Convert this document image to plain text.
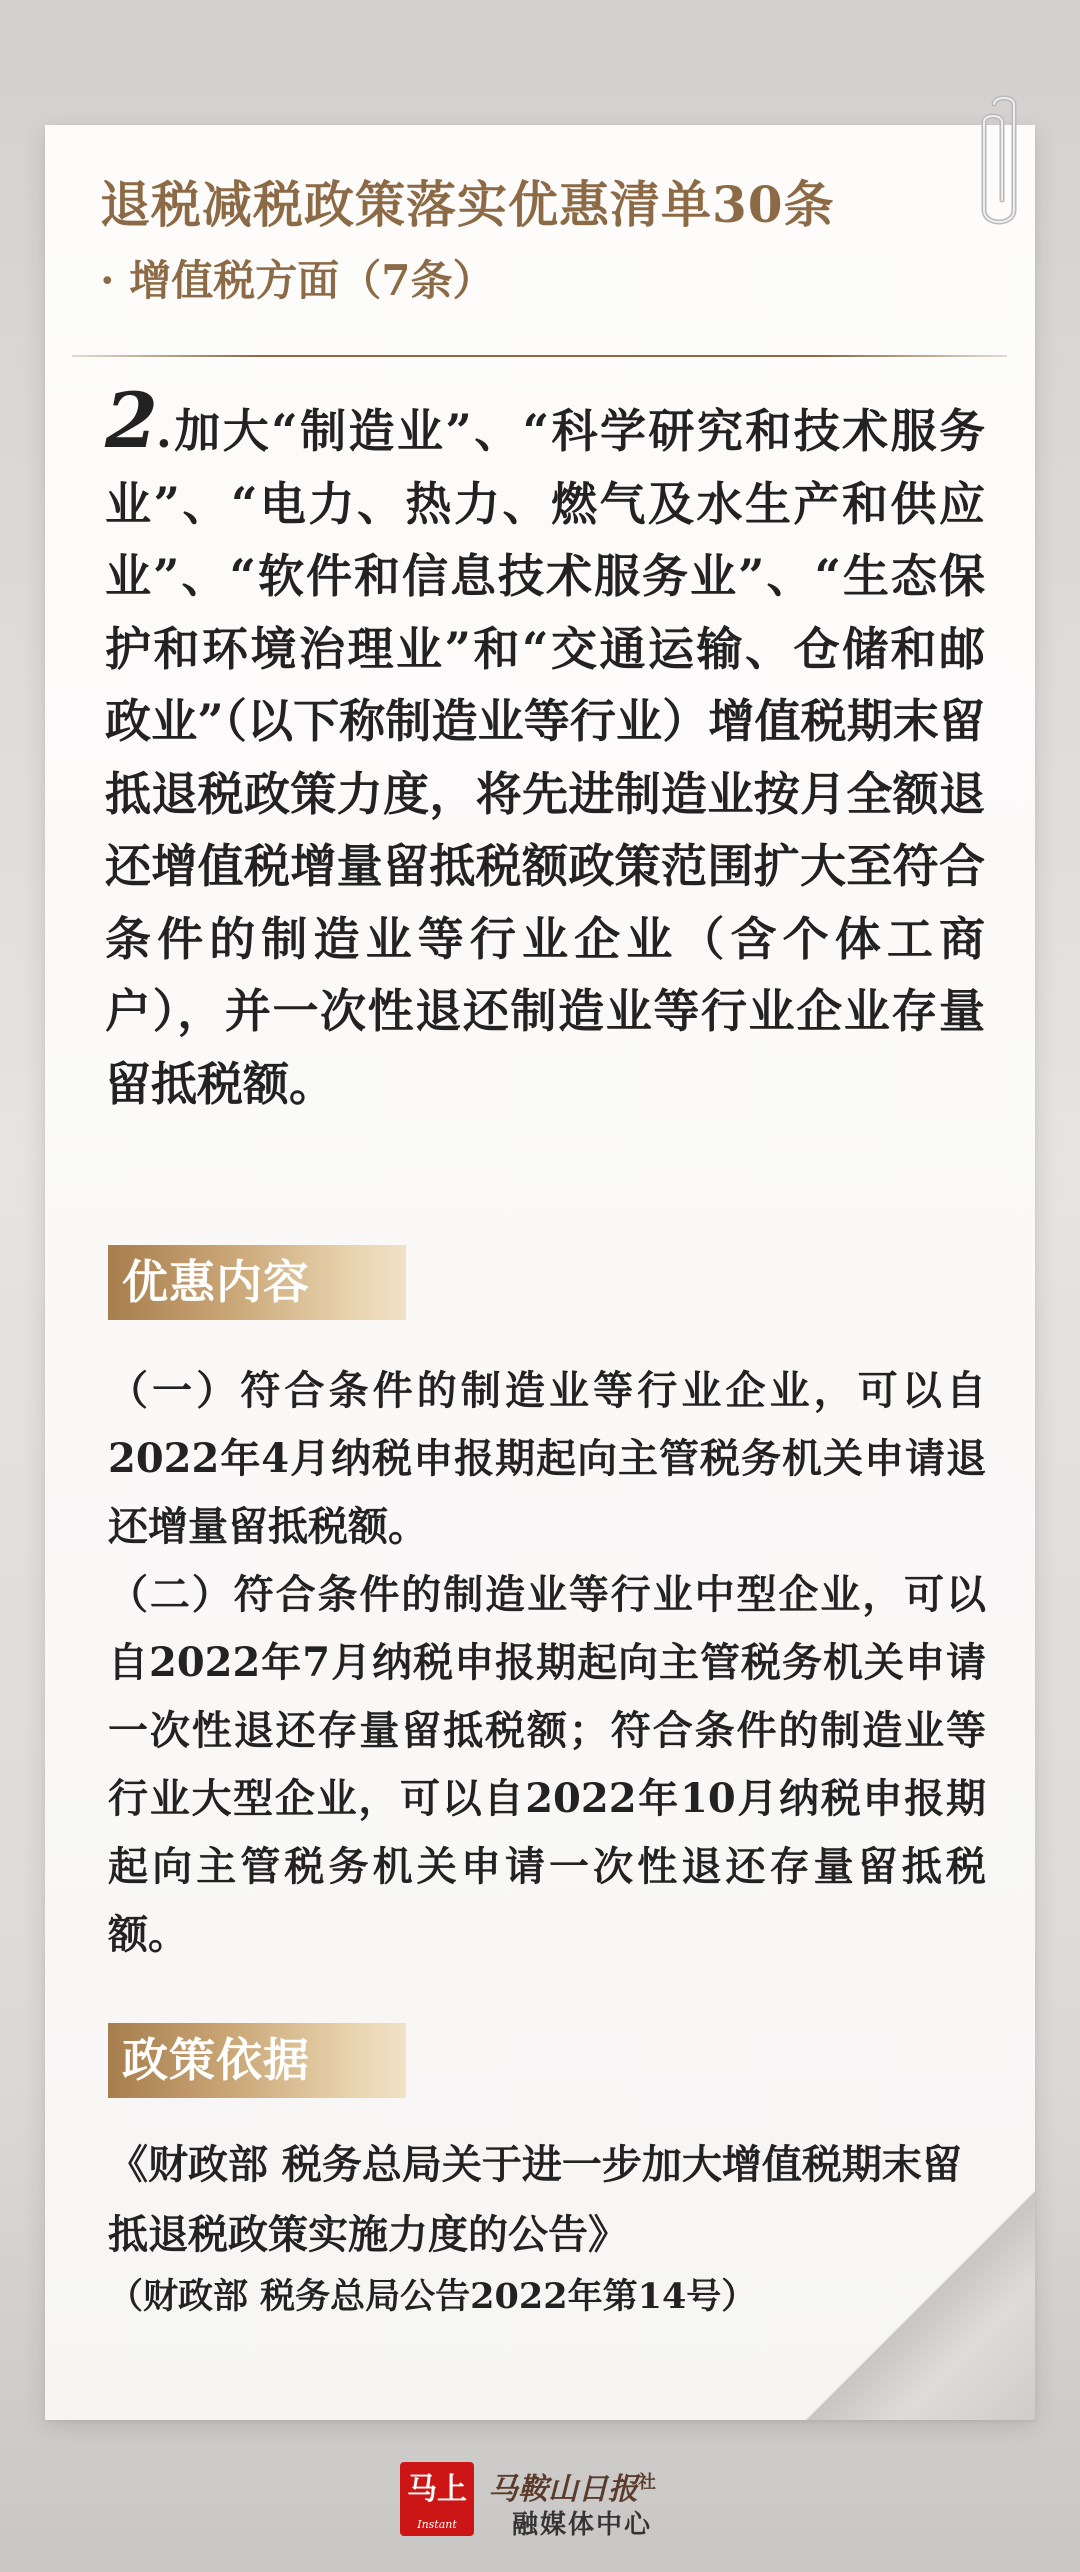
退税减税政策落实优惠清单30条
· 增值税方面（7条）
2.加大“制造业”、“科学研究和技术服务业”、“电力、热力、燃气及水生产和供应业”、“软件和信息技术服务业”、“生态保护和环境治理业”和“交通运输、仓储和邮政业”（以下称制造业等行业）增值税期末留抵退税政策力度，将先进制造业按月全额退还增值税增量留抵税额政策范围扩大至符合条件的制造业等行业企业（含个体工商户），并一次性退还制造业等行业企业存量留抵税额。
优惠内容

（一）符合条件的制造业等行业企业，可以自2022年4月纳税申报期起向主管税务机关申请退还增量留抵税额。

（二）符合条件的制造业等行业中型企业，可以自2022年7月纳税申报期起向主管税务机关申请一次性退还存量留抵税额；符合条件的制造业等行业大型企业，可以自2022年10月纳税申报期起向主管税务机关申请一次性退还存量留抵税额。

政策依据
《财政部 税务总局关于进一步加大增值税期末留抵退税政策实施力度的公告》
（财政部 税务总局公告2022年第14号）
马上
Instant
马鞍山日报$^社$
融媒体中心
